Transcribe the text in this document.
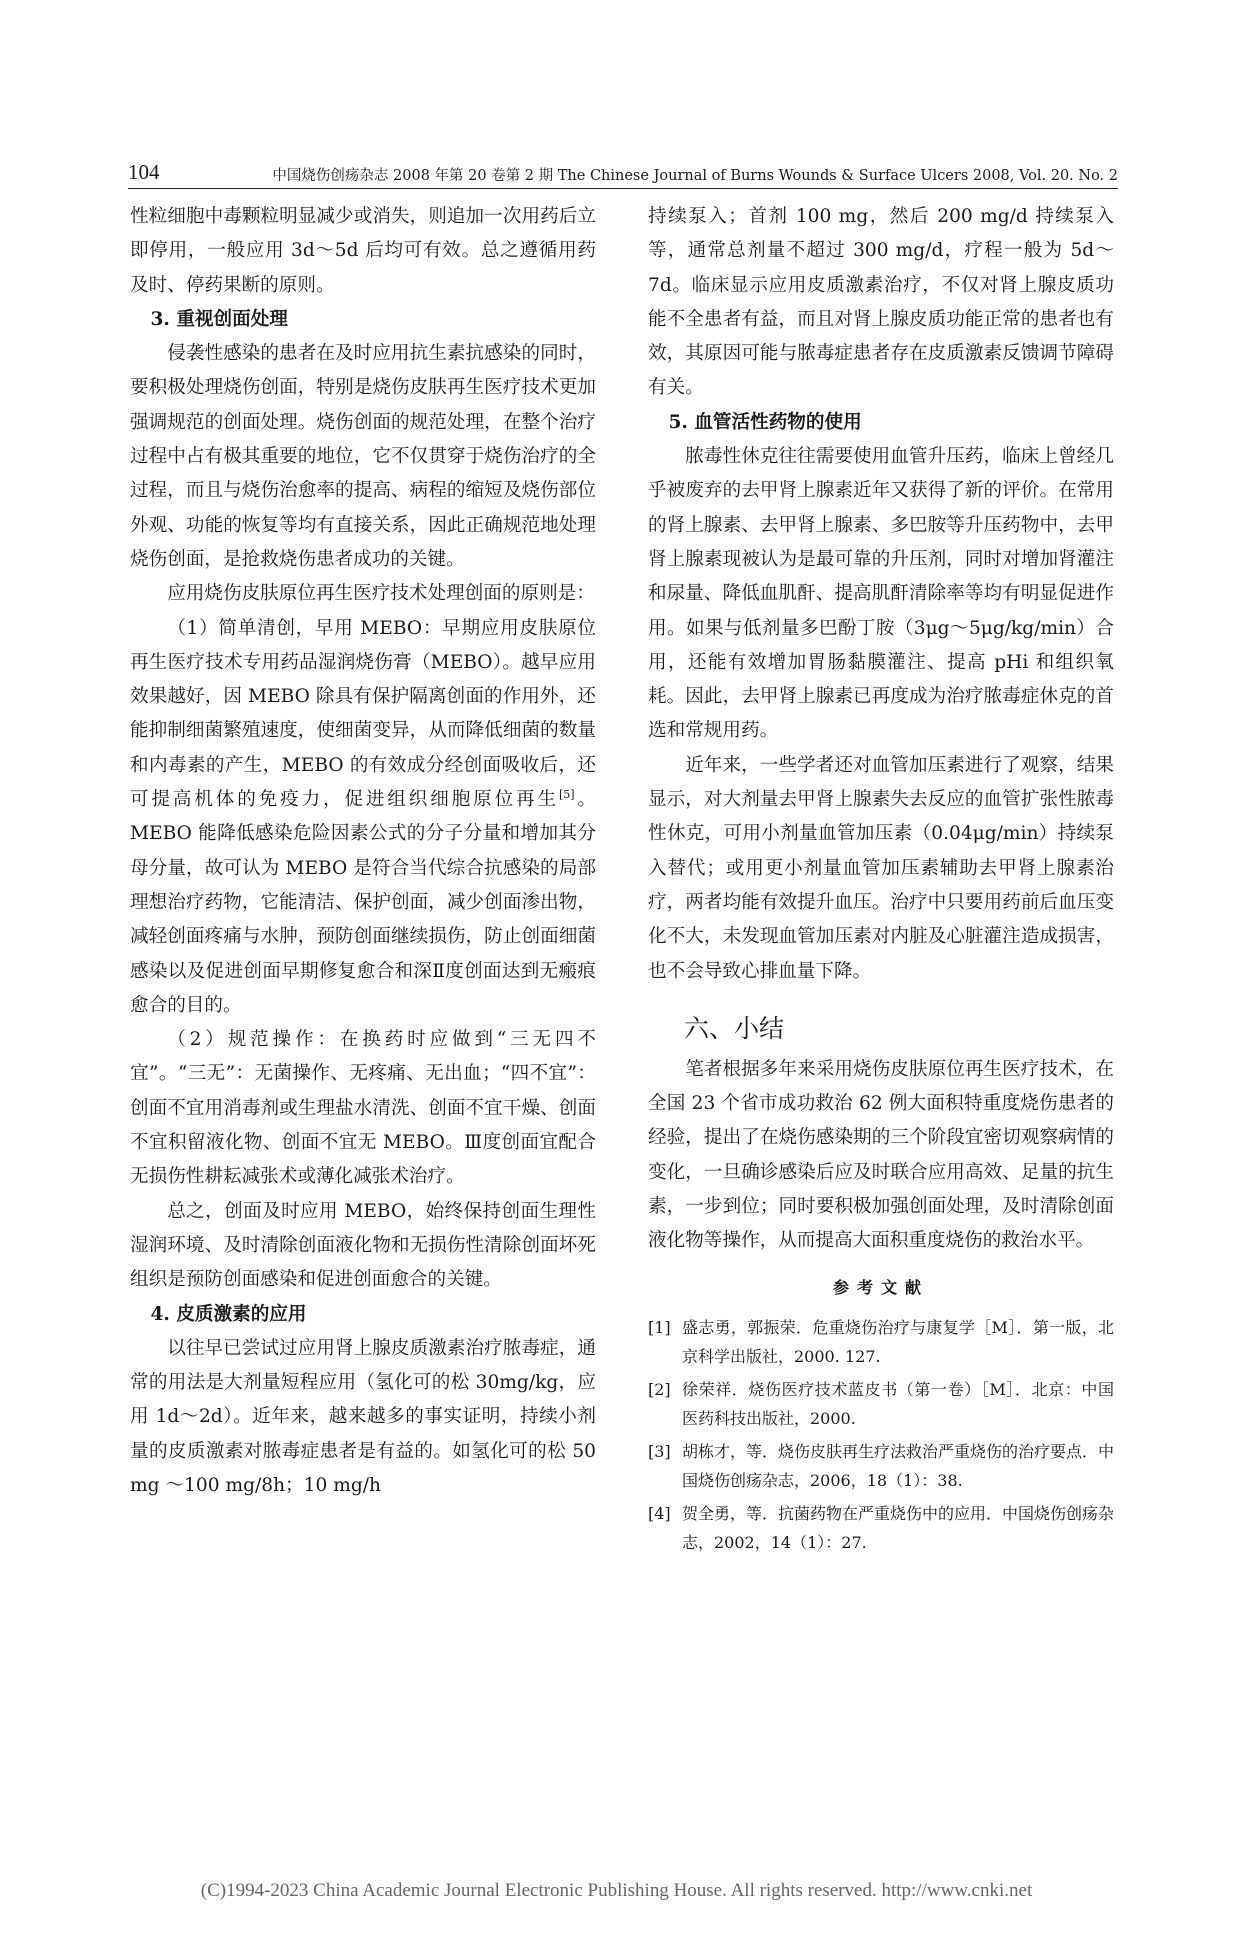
104	中国烧伤创疡杂志 2008 年第 20 卷第 2 期 The Chinese Journal of Burns Wounds & Surface Ulcers 2008, Vol. 20. No. 2

性粒细胞中毒颗粒明显减少或消失，则追加一次用药后立即停用，一般应用 3d～5d 后均可有效。总之遵循用药及时、停药果断的原则。

3. 重视创面处理

侵袭性感染的患者在及时应用抗生素抗感染的同时，要积极处理烧伤创面，特别是烧伤皮肤再生医疗技术更加强调规范的创面处理。烧伤创面的规范处理，在整个治疗过程中占有极其重要的地位，它不仅贯穿于烧伤治疗的全过程，而且与烧伤治愈率的提高、病程的缩短及烧伤部位外观、功能的恢复等均有直接关系，因此正确规范地处理烧伤创面，是抢救烧伤患者成功的关键。

应用烧伤皮肤原位再生医疗技术处理创面的原则是：

（1）简单清创，早用 MEBO：早期应用皮肤原位再生医疗技术专用药品湿润烧伤膏（MEBO）。越早应用效果越好，因 MEBO 除具有保护隔离创面的作用外，还能抑制细菌繁殖速度，使细菌变异，从而降低细菌的数量和内毒素的产生，MEBO 的有效成分经创面吸收后，还可提高机体的免疫力，促进组织细胞原位再生[5]。MEBO 能降低感染危险因素公式的分子分量和增加其分母分量，故可认为 MEBO 是符合当代综合抗感染的局部理想治疗药物，它能清洁、保护创面，减少创面渗出物，减轻创面疼痛与水肿，预防创面继续损伤，防止创面细菌感染以及促进创面早期修复愈合和深Ⅱ度创面达到无瘢痕愈合的目的。

（2）规范操作：在换药时应做到“三无四不宜”。“三无”：无菌操作、无疼痛、无出血；“四不宜”：创面不宜用消毒剂或生理盐水清洗、创面不宜干燥、创面不宜积留液化物、创面不宜无 MEBO。Ⅲ度创面宜配合无损伤性耕耘减张术或薄化减张术治疗。

总之，创面及时应用 MEBO，始终保持创面生理性湿润环境、及时清除创面液化物和无损伤性清除创面坏死组织是预防创面感染和促进创面愈合的关键。

4. 皮质激素的应用

以往早已尝试过应用肾上腺皮质激素治疗脓毒症，通常的用法是大剂量短程应用（氢化可的松 30mg/kg，应用 1d～2d）。近年来，越来越多的事实证明，持续小剂量的皮质激素对脓毒症患者是有益的。如氢化可的松 50 mg ～100 mg/8h；10 mg/h

持续泵入；首剂 100 mg，然后 200 mg/d 持续泵入等，通常总剂量不超过 300 mg/d，疗程一般为 5d～7d。临床显示应用皮质激素治疗，不仅对肾上腺皮质功能不全患者有益，而且对肾上腺皮质功能正常的患者也有效，其原因可能与脓毒症患者存在皮质激素反馈调节障碍有关。

5. 血管活性药物的使用

脓毒性休克往往需要使用血管升压药，临床上曾经几乎被废弃的去甲肾上腺素近年又获得了新的评价。在常用的肾上腺素、去甲肾上腺素、多巴胺等升压药物中，去甲肾上腺素现被认为是最可靠的升压剂，同时对增加肾灌注和尿量、降低血肌酐、提高肌酐清除率等均有明显促进作用。如果与低剂量多巴酚丁胺（3μg～5μg/kg/min）合用，还能有效增加胃肠黏膜灌注、提高 pHi 和组织氧耗。因此，去甲肾上腺素已再度成为治疗脓毒症休克的首选和常规用药。

近年来，一些学者还对血管加压素进行了观察，结果显示，对大剂量去甲肾上腺素失去反应的血管扩张性脓毒性休克，可用小剂量血管加压素（0.04μg/min）持续泵入替代；或用更小剂量血管加压素辅助去甲肾上腺素治疗，两者均能有效提升血压。治疗中只要用药前后血压变化不大，未发现血管加压素对内脏及心脏灌注造成损害，也不会导致心排血量下降。

六、小结

笔者根据多年来采用烧伤皮肤原位再生医疗技术，在全国 23 个省市成功救治 62 例大面积特重度烧伤患者的经验，提出了在烧伤感染期的三个阶段宜密切观察病情的变化，一旦确诊感染后应及时联合应用高效、足量的抗生素，一步到位；同时要积极加强创面处理，及时清除创面液化物等操作，从而提高大面积重度烧伤的救治水平。

参考文献
[1] 盛志勇，郭振荣．危重烧伤治疗与康复学［M］．第一版，北京科学出版社，2000. 127.
[2] 徐荣祥．烧伤医疗技术蓝皮书（第一卷）［M］．北京：中国医药科技出版社，2000.
[3] 胡栋才，等．烧伤皮肤再生疗法救治严重烧伤的治疗要点．中国烧伤创疡杂志，2006，18（1）：38.
[4] 贺全勇，等．抗菌药物在严重烧伤中的应用．中国烧伤创疡杂志，2002，14（1）：27.
(C)1994-2023 China Academic Journal Electronic Publishing House. All rights reserved. http://www.cnki.net
